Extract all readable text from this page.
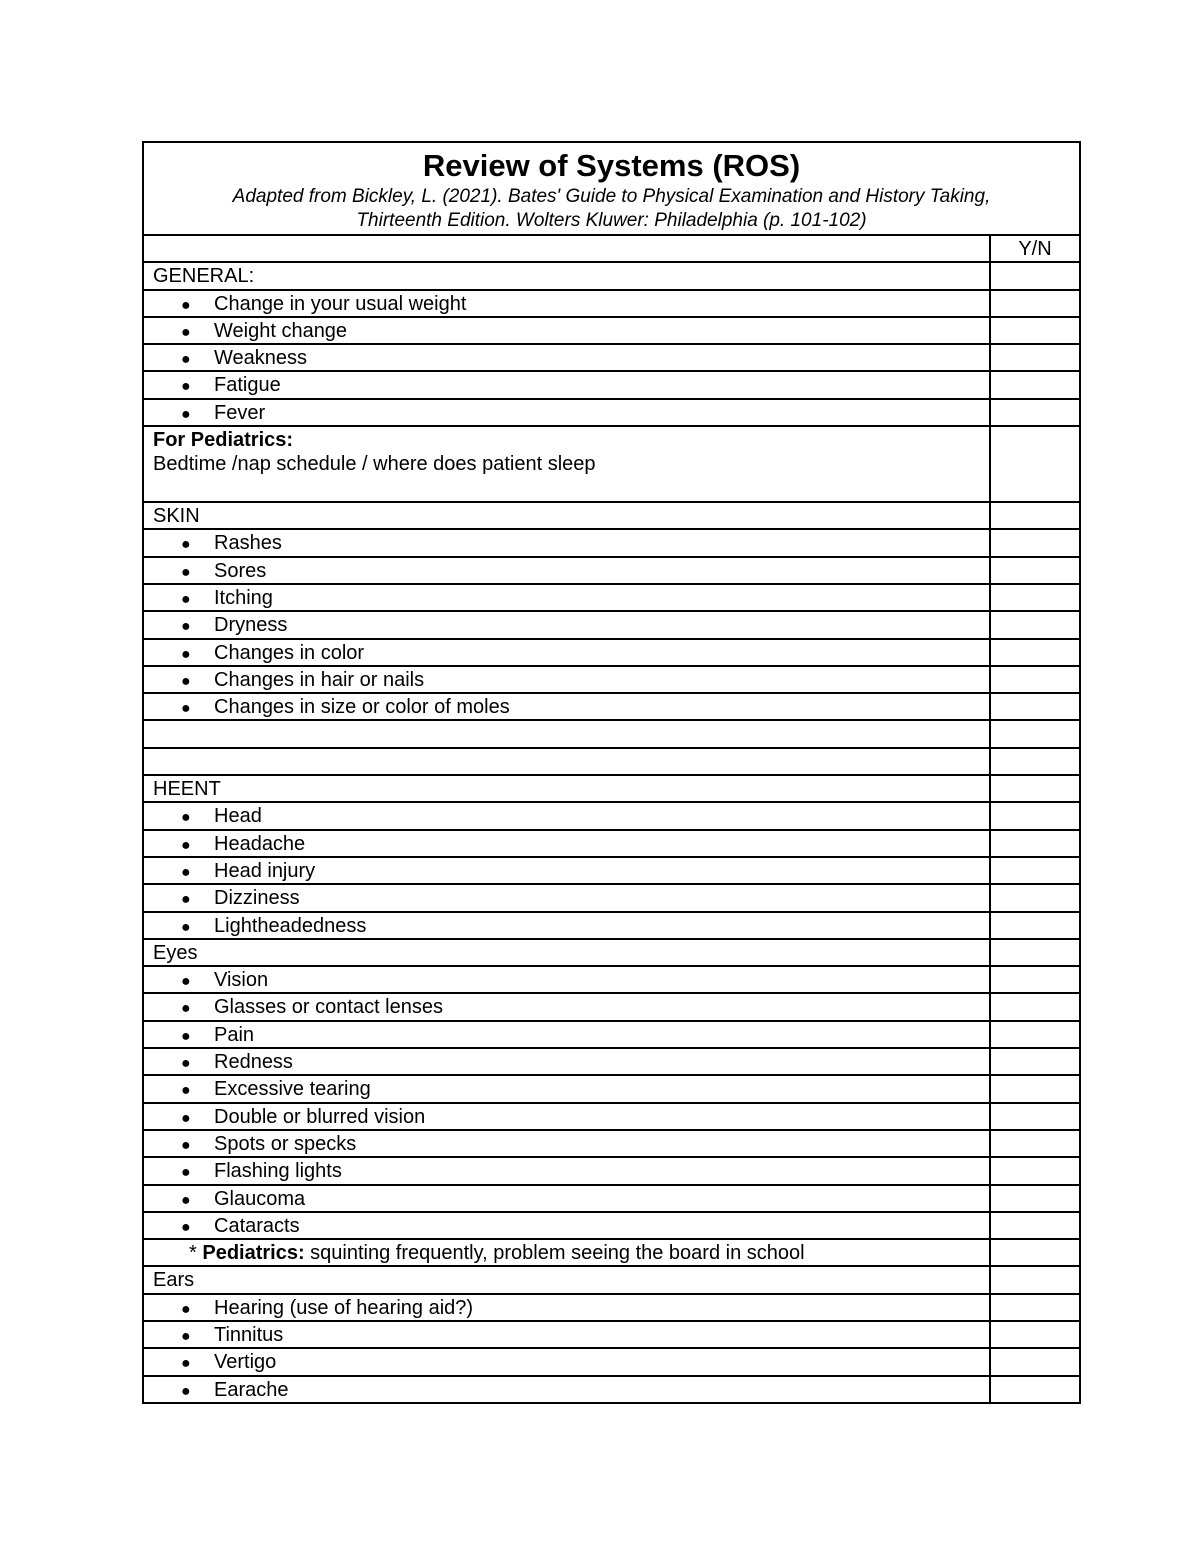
Review of Systems (ROS)
Adapted from Bickley, L. (2021). Bates' Guide to Physical Examination and History Taking,
Thirteenth Edition. Wolters Kluwer: Philadelphia (p. 101-102)	

	Y/N
GENERAL:	
● Change in your usual weight	
● Weight change	
● Weakness	
● Fatigue	
● Fever	

For Pediatrics:
Bedtime /nap schedule / where does patient sleep	

SKIN	
● Rashes	
● Sores	
● Itching	
● Dryness	
● Changes in color	
● Changes in hair or nails	
● Changes in size or color of moles	

HEENT	
● Head	
● Headache	
● Head injury	
● Dizziness	
● Lightheadedness	
Eyes	
● Vision	
● Glasses or contact lenses	
● Pain	
● Redness	
● Excessive tearing	
● Double or blurred vision	
● Spots or specks	
● Flashing lights	
● Glaucoma	
● Cataracts	
* Pediatrics: squinting frequently, problem seeing the board in school	
Ears	
● Hearing (use of hearing aid?)	
● Tinnitus	
● Vertigo	
● Earache	
